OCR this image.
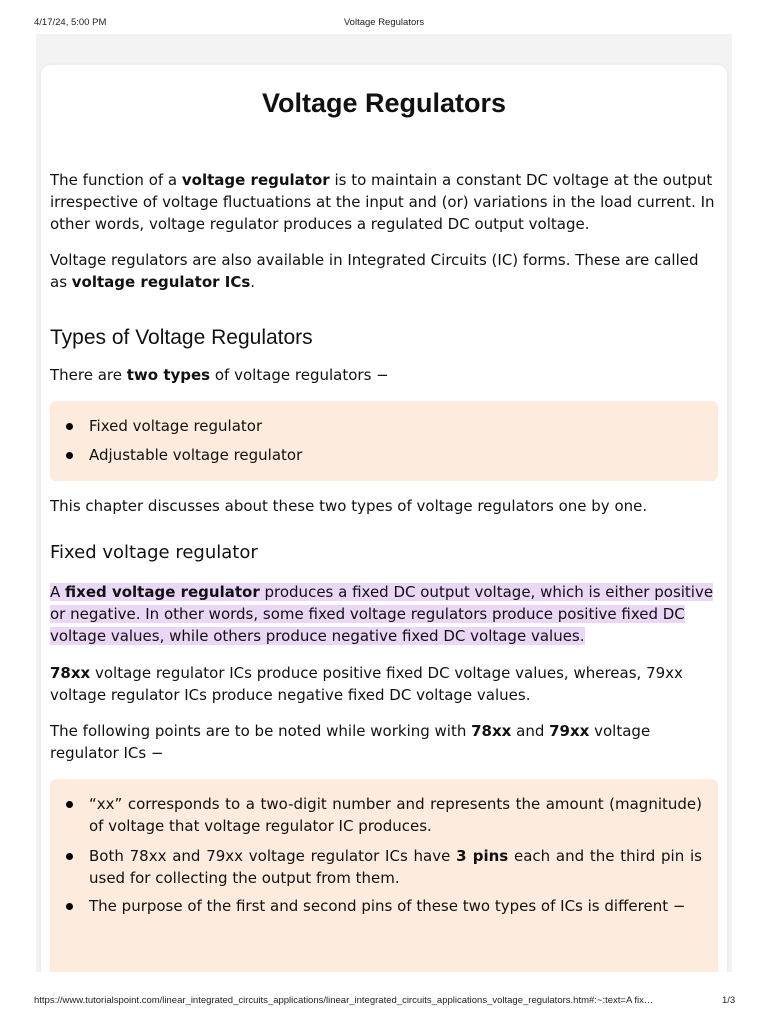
4/17/24, 5:00 PM	Voltage Regulators
Voltage Regulators

The function of a voltage regulator is to maintain a constant DC voltage at the output irrespective of voltage fluctuations at the input and (or) variations in the load current. In other words, voltage regulator produces a regulated DC output voltage.

Voltage regulators are also available in Integrated Circuits (IC) forms. These are called as voltage regulator ICs.

Types of Voltage Regulators

There are two types of voltage regulators −

Fixed voltage regulator
Adjustable voltage regulator

This chapter discusses about these two types of voltage regulators one by one.

Fixed voltage regulator

A fixed voltage regulator produces a fixed DC output voltage, which is either positive or negative. In other words, some fixed voltage regulators produce positive fixed DC voltage values, while others produce negative fixed DC voltage values.

78xx voltage regulator ICs produce positive fixed DC voltage values, whereas, 79xx voltage regulator ICs produce negative fixed DC voltage values.

The following points are to be noted while working with 78xx and 79xx voltage regulator ICs −

“xx” corresponds to a two-digit number and represents the amount (magnitude) of voltage that voltage regulator IC produces.
Both 78xx and 79xx voltage regulator ICs have 3 pins each and the third pin is used for collecting the output from them.
The purpose of the first and second pins of these two types of ICs is different −
https://www.tutorialspoint.com/linear_integrated_circuits_applications/linear_integrated_circuits_applications_voltage_regulators.htm#:~:text=A fix…	1/3
